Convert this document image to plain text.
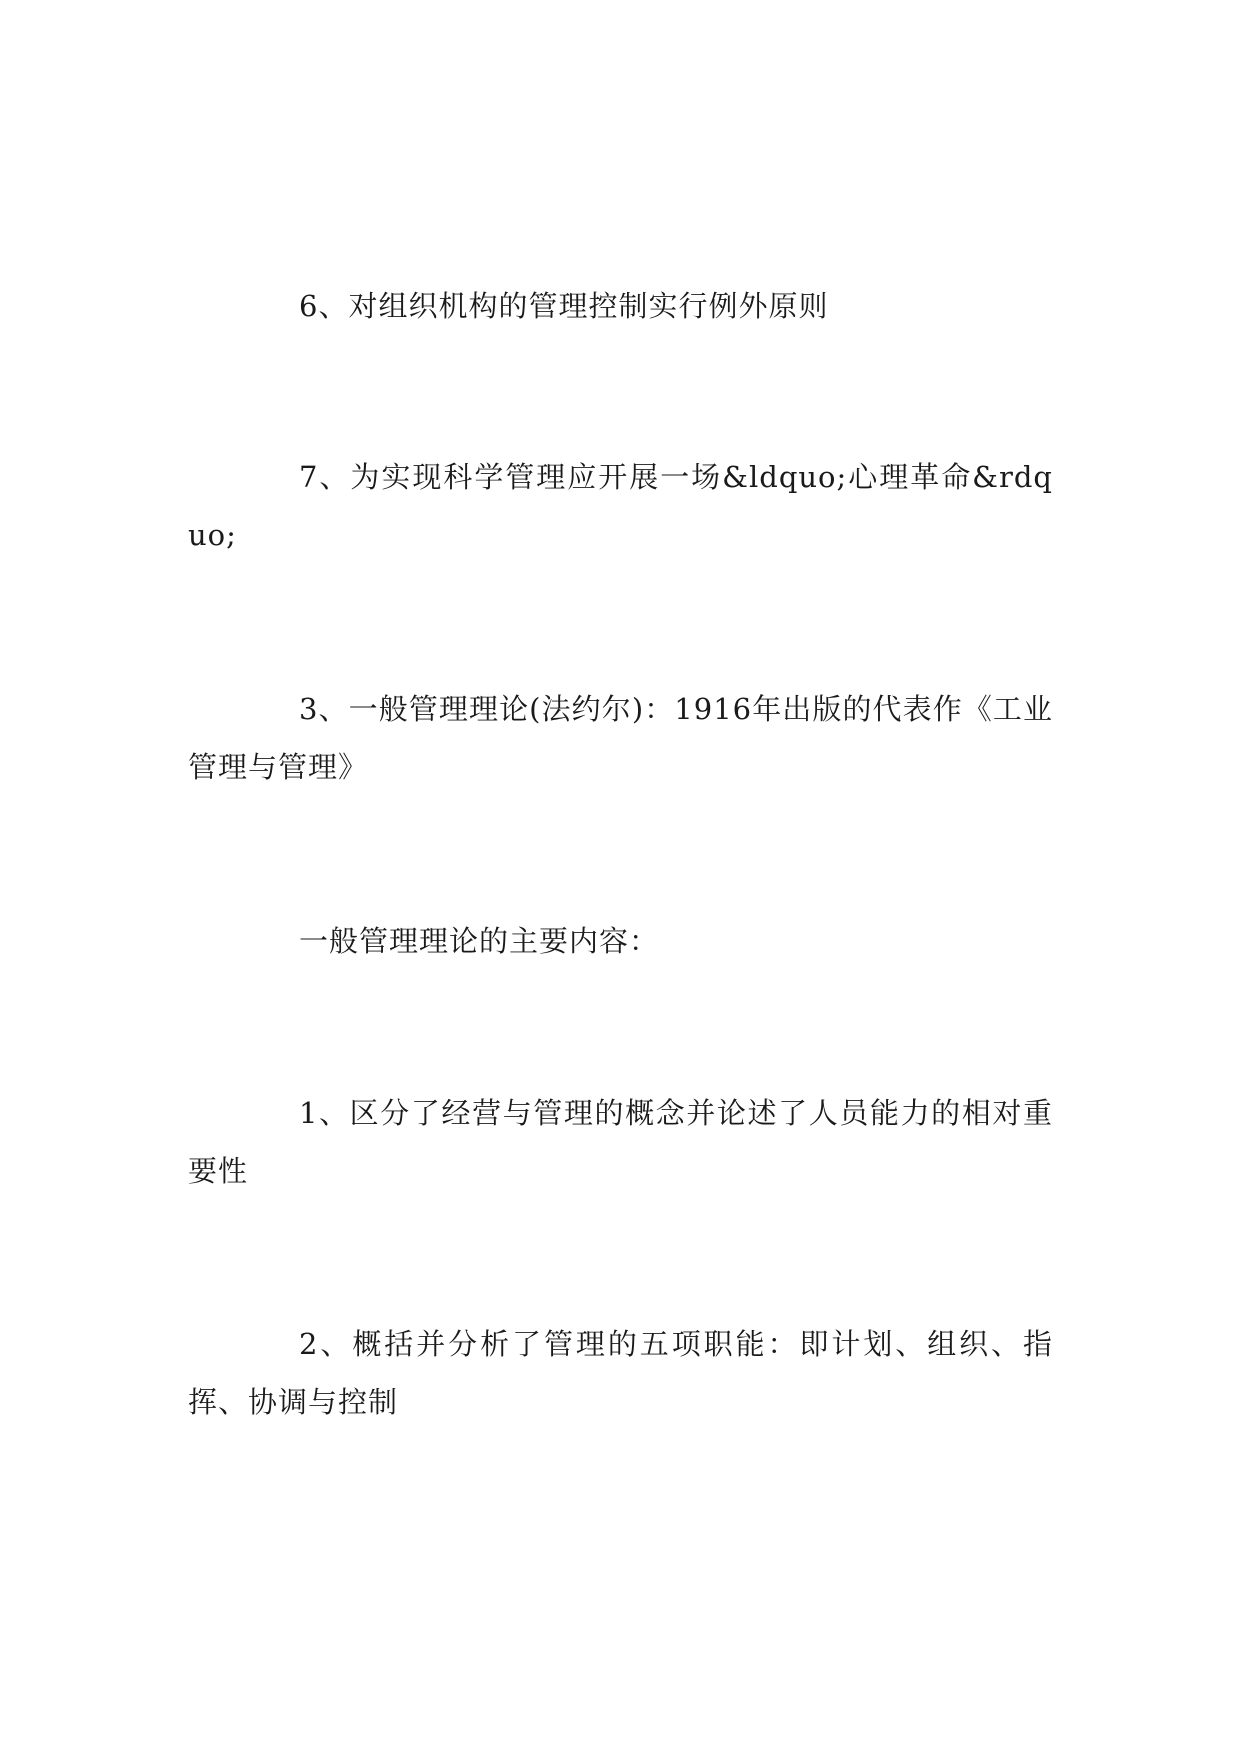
6、对组织机构的管理控制实行例外原则

7、为实现科学管理应开展一场&ldquo;心理革命&rdquo;

3、一般管理理论(法约尔)：1916年出版的代表作《工业管理与管理》

一般管理理论的主要内容：

1、区分了经营与管理的概念并论述了人员能力的相对重要性

2、概括并分析了管理的五项职能：即计划、组织、指挥、协调与控制
